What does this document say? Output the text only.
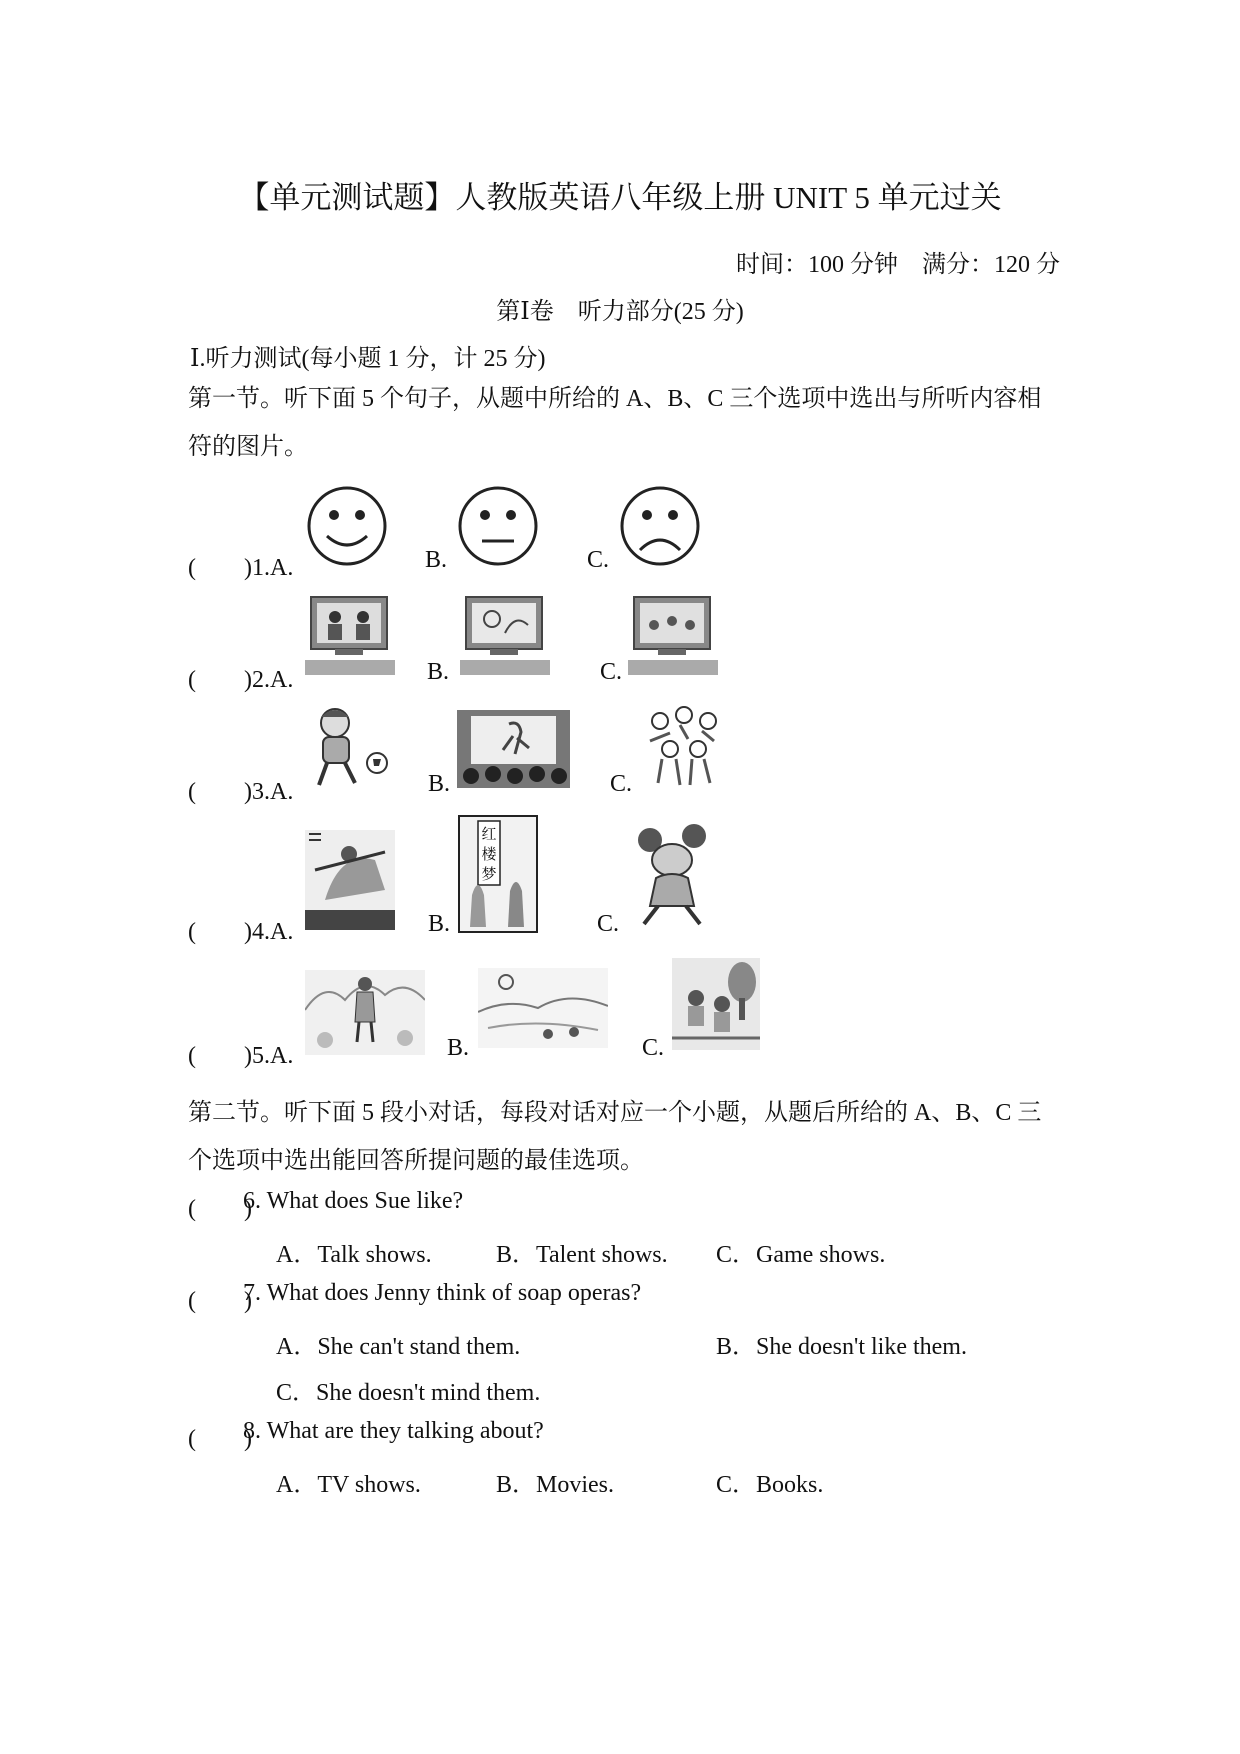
【单元测试题】人教版英语八年级上册 UNIT 5 单元过关
时间：100 分钟　满分：120 分
第Ⅰ卷　听力部分(25 分)
Ⅰ.听力测试(每小题 1 分，计 25 分)
第一节。听下面 5 个句子，从题中所给的 A、B、C 三个选项中选出与所听内容相符的图片。
(　　)1.A.	B.	C.
(　　)2.A.	B.	C.
(　　)3.A.	B.	C.
(　　)4.A.	B.
红
楼
梦
C.
(　　)5.A.	B.	C.
第二节。听下面 5 段小对话，每段对话对应一个小题，从题后所给的 A、B、C 三个选项中选出能回答所提问题的最佳选项。
(　　)
6. What does Sue like?
A．Talk shows.	B．Talent shows. C．Game shows.
(　　)
7. What does Jenny think of soap operas?
A．She can't stand them.	B．She doesn't like them.
C．She doesn't mind them.
(　　)
8. What are they talking about?
A．TV shows.	B．Movies.	C．Books.
